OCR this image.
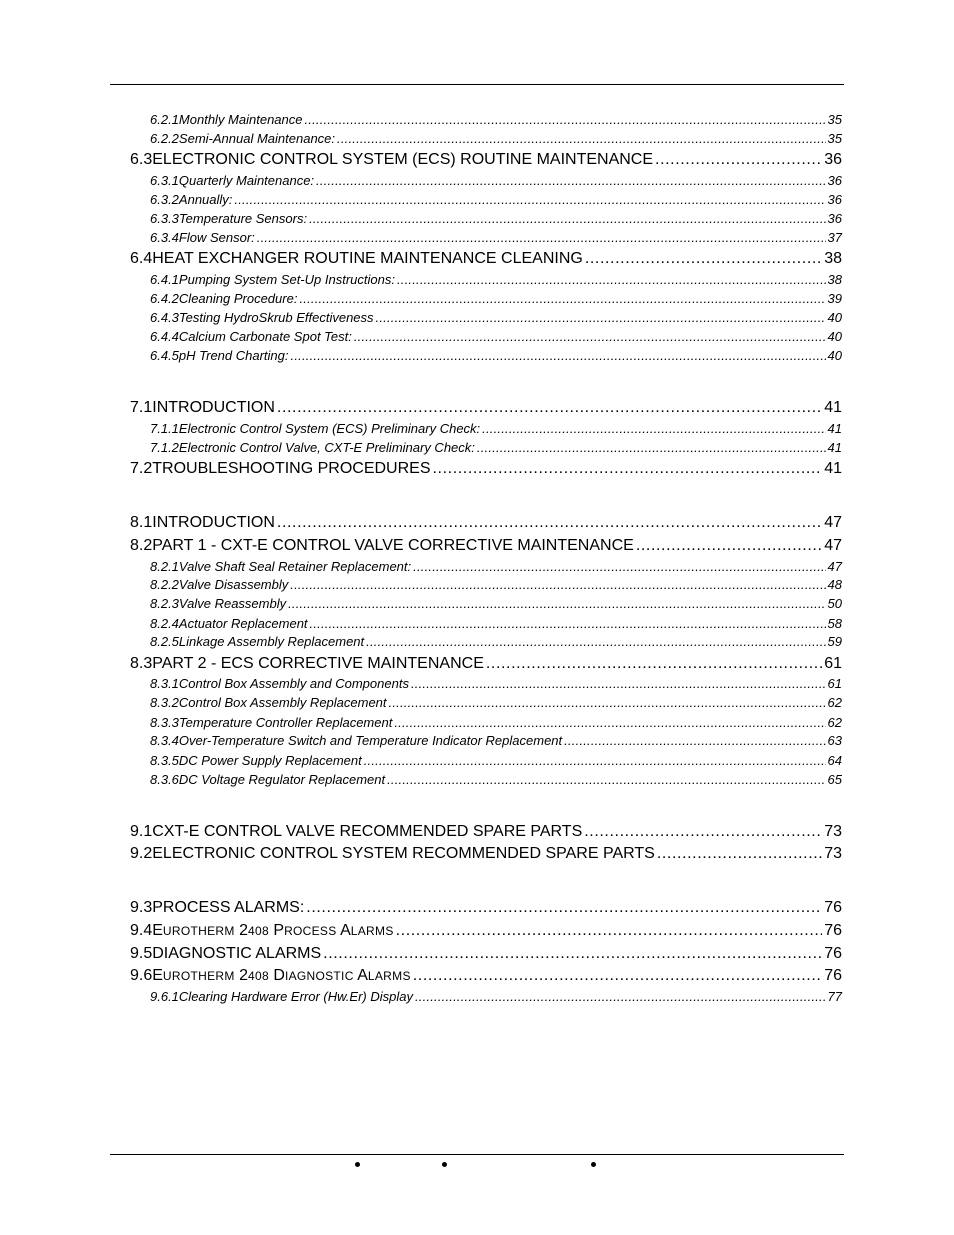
6.2.1 Monthly Maintenance .....	35
6.2.2 Semi-Annual Maintenance: .....	35
6.3 ELECTRONIC CONTROL SYSTEM (ECS) ROUTINE MAINTENANCE .....	36
6.3.1 Quarterly Maintenance: .....	36
6.3.2 Annually: .....	36
6.3.3 Temperature Sensors: .....	36
6.3.4 Flow Sensor: .....	37
6.4 HEAT EXCHANGER ROUTINE MAINTENANCE CLEANING .....	38
6.4.1 Pumping System Set-Up Instructions: .....	38
6.4.2 Cleaning Procedure: .....	39
6.4.3 Testing HydroSkrub Effectiveness .....	40
6.4.4 Calcium Carbonate Spot Test: .....	40
6.4.5 pH Trend Charting: .....	40
7.1 INTRODUCTION .....	41
7.1.1 Electronic Control System (ECS) Preliminary Check: .....	41
7.1.2 Electronic Control Valve, CXT-E Preliminary Check: .....	41
7.2 TROUBLESHOOTING PROCEDURES .....	41
8.1 INTRODUCTION .....	47
8.2 PART 1 - CXT-E CONTROL VALVE CORRECTIVE MAINTENANCE .....	47
8.2.1 Valve Shaft Seal Retainer Replacement: .....	47
8.2.2 Valve Disassembly .....	48
8.2.3 Valve Reassembly .....	50
8.2.4 Actuator Replacement .....	58
8.2.5 Linkage Assembly Replacement .....	59
8.3 PART 2 - ECS CORRECTIVE MAINTENANCE .....	61
8.3.1 Control Box Assembly and Components .....	61
8.3.2 Control Box Assembly Replacement .....	62
8.3.3 Temperature Controller Replacement .....	62
8.3.4 Over-Temperature Switch and Temperature Indicator Replacement .....	63
8.3.5 DC Power Supply Replacement .....	64
8.3.6 DC Voltage Regulator Replacement .....	65
9.1 CXT-E CONTROL VALVE RECOMMENDED SPARE PARTS .....	73
9.2 ELECTRONIC CONTROL SYSTEM RECOMMENDED SPARE PARTS .....	73
9.3 PROCESS ALARMS: .....	76
9.4 EUROTHERM 2408 PROCESS ALARMS .....	76
9.5 DIAGNOSTIC ALARMS .....	76
9.6 EUROTHERM 2408 DIAGNOSTIC ALARMS .....	76
9.6.1 Clearing Hardware Error (Hw.Er) Display .....	77
